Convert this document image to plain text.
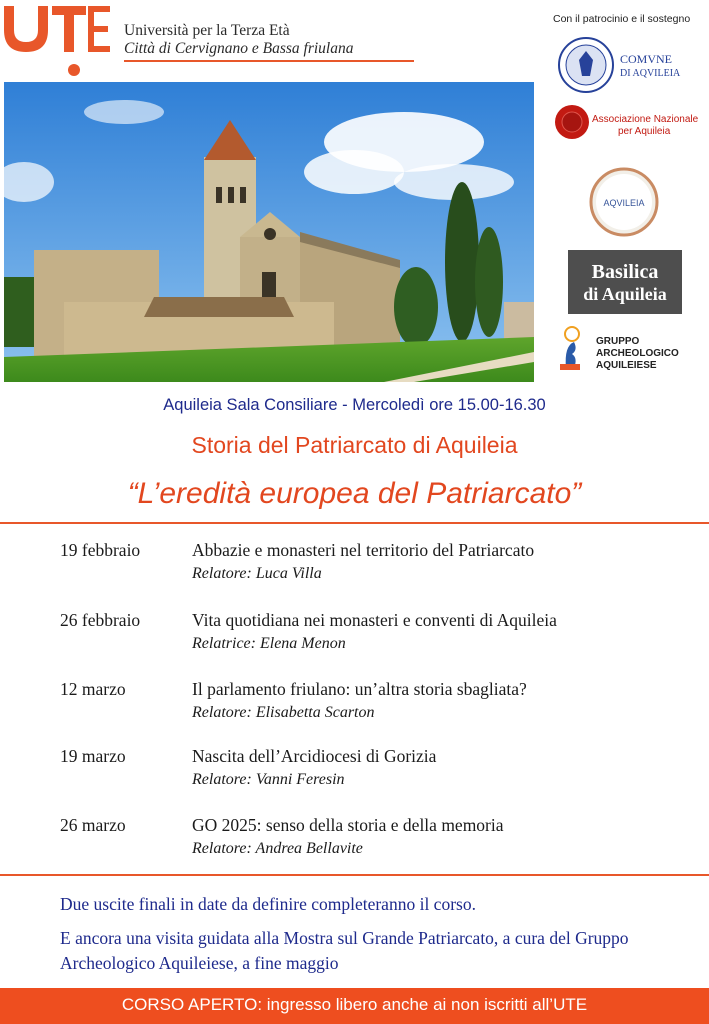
Università per la Terza Età
Città di Cervignano e Bassa friulana
Con il patrocinio e il sostegno
COMVNE
DI AQVILEIA
Associazione Nazionale
per Aquileia
AQVILEIA
Basilica
di Aquileia
GRUPPO
ARCHEOLOGICO
AQUILEIESE
Aquileia Sala Consiliare - Mercoledì ore 15.00-16.30
Storia del Patriarcato di Aquileia
“L’eredità europea del Patriarcato”
19 febbraio	Abbazie e monasteri nel territorio del Patriarcato
Relatore: Luca Villa
26 febbraio	Vita quotidiana nei monasteri e conventi di Aquileia
Relatrice: Elena Menon
12 marzo	Il parlamento friulano: un’altra storia sbagliata?
Relatore: Elisabetta Scarton
19 marzo	Nascita dell’Arcidiocesi di Gorizia
Relatore: Vanni Feresin
26 marzo	GO 2025: senso della storia e della memoria
Relatore: Andrea Bellavite
Due uscite finali in date da definire completeranno il corso.
E ancora una visita guidata alla Mostra sul Grande Patriarcato, a cura del Gruppo Archeologico Aquileiese, a fine maggio
CORSO APERTO: ingresso libero anche ai non iscritti all’UTE
